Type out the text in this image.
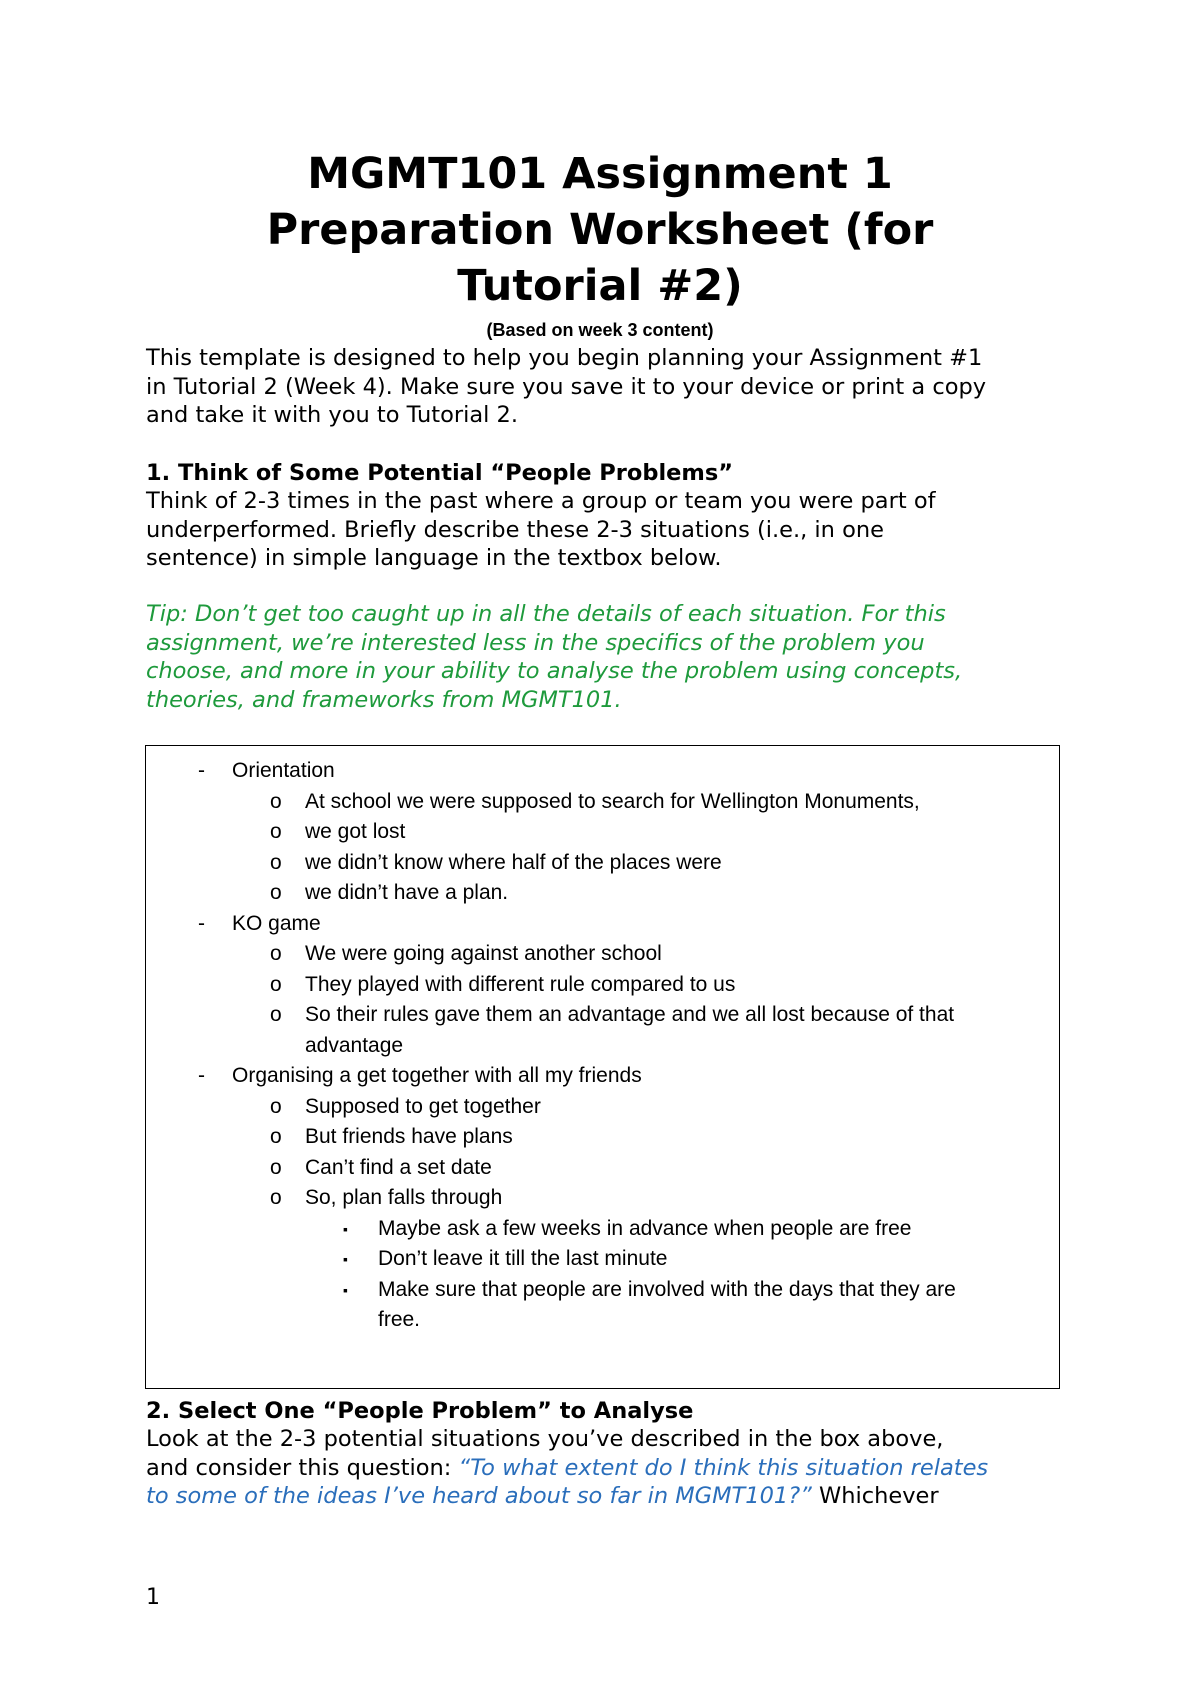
MGMT101 Assignment 1
Preparation Worksheet (for
Tutorial #2)
(Based on week 3 content)

This template is designed to help you begin planning your Assignment #1

in Tutorial 2 (Week 4). Make sure you save it to your device or print a copy

and take it with you to Tutorial 2.

1. Think of Some Potential “People Problems”

Think of 2-3 times in the past where a group or team you were part of

underperformed. Briefly describe these 2-3 situations (i.e., in one

sentence) in simple language in the textbox below.

Tip: Don’t get too caught up in all the details of each situation. For this

assignment, we’re interested less in the specifics of the problem you

choose, and more in your ability to analyse the problem using concepts,

theories, and frameworks from MGMT101.

- Orientation
o At school we were supposed to search for Wellington Monuments,
o we got lost
o we didn’t know where half of the places were
o we didn’t have a plan.
- KO game
o We were going against another school
o They played with different rule compared to us
o So their rules gave them an advantage and we all lost because of that
advantage
- Organising a get together with all my friends
o Supposed to get together
o But friends have plans
o Can’t find a set date
o So, plan falls through
▪ Maybe ask a few weeks in advance when people are free
▪ Don’t leave it till the last minute
▪ Make sure that people are involved with the days that they are
free.
2. Select One “People Problem” to Analyse

Look at the 2-3 potential situations you’ve described in the box above,

and consider this question: “To what extent do I think this situation relates

to some of the ideas I’ve heard about so far in MGMT101?” Whichever

1
